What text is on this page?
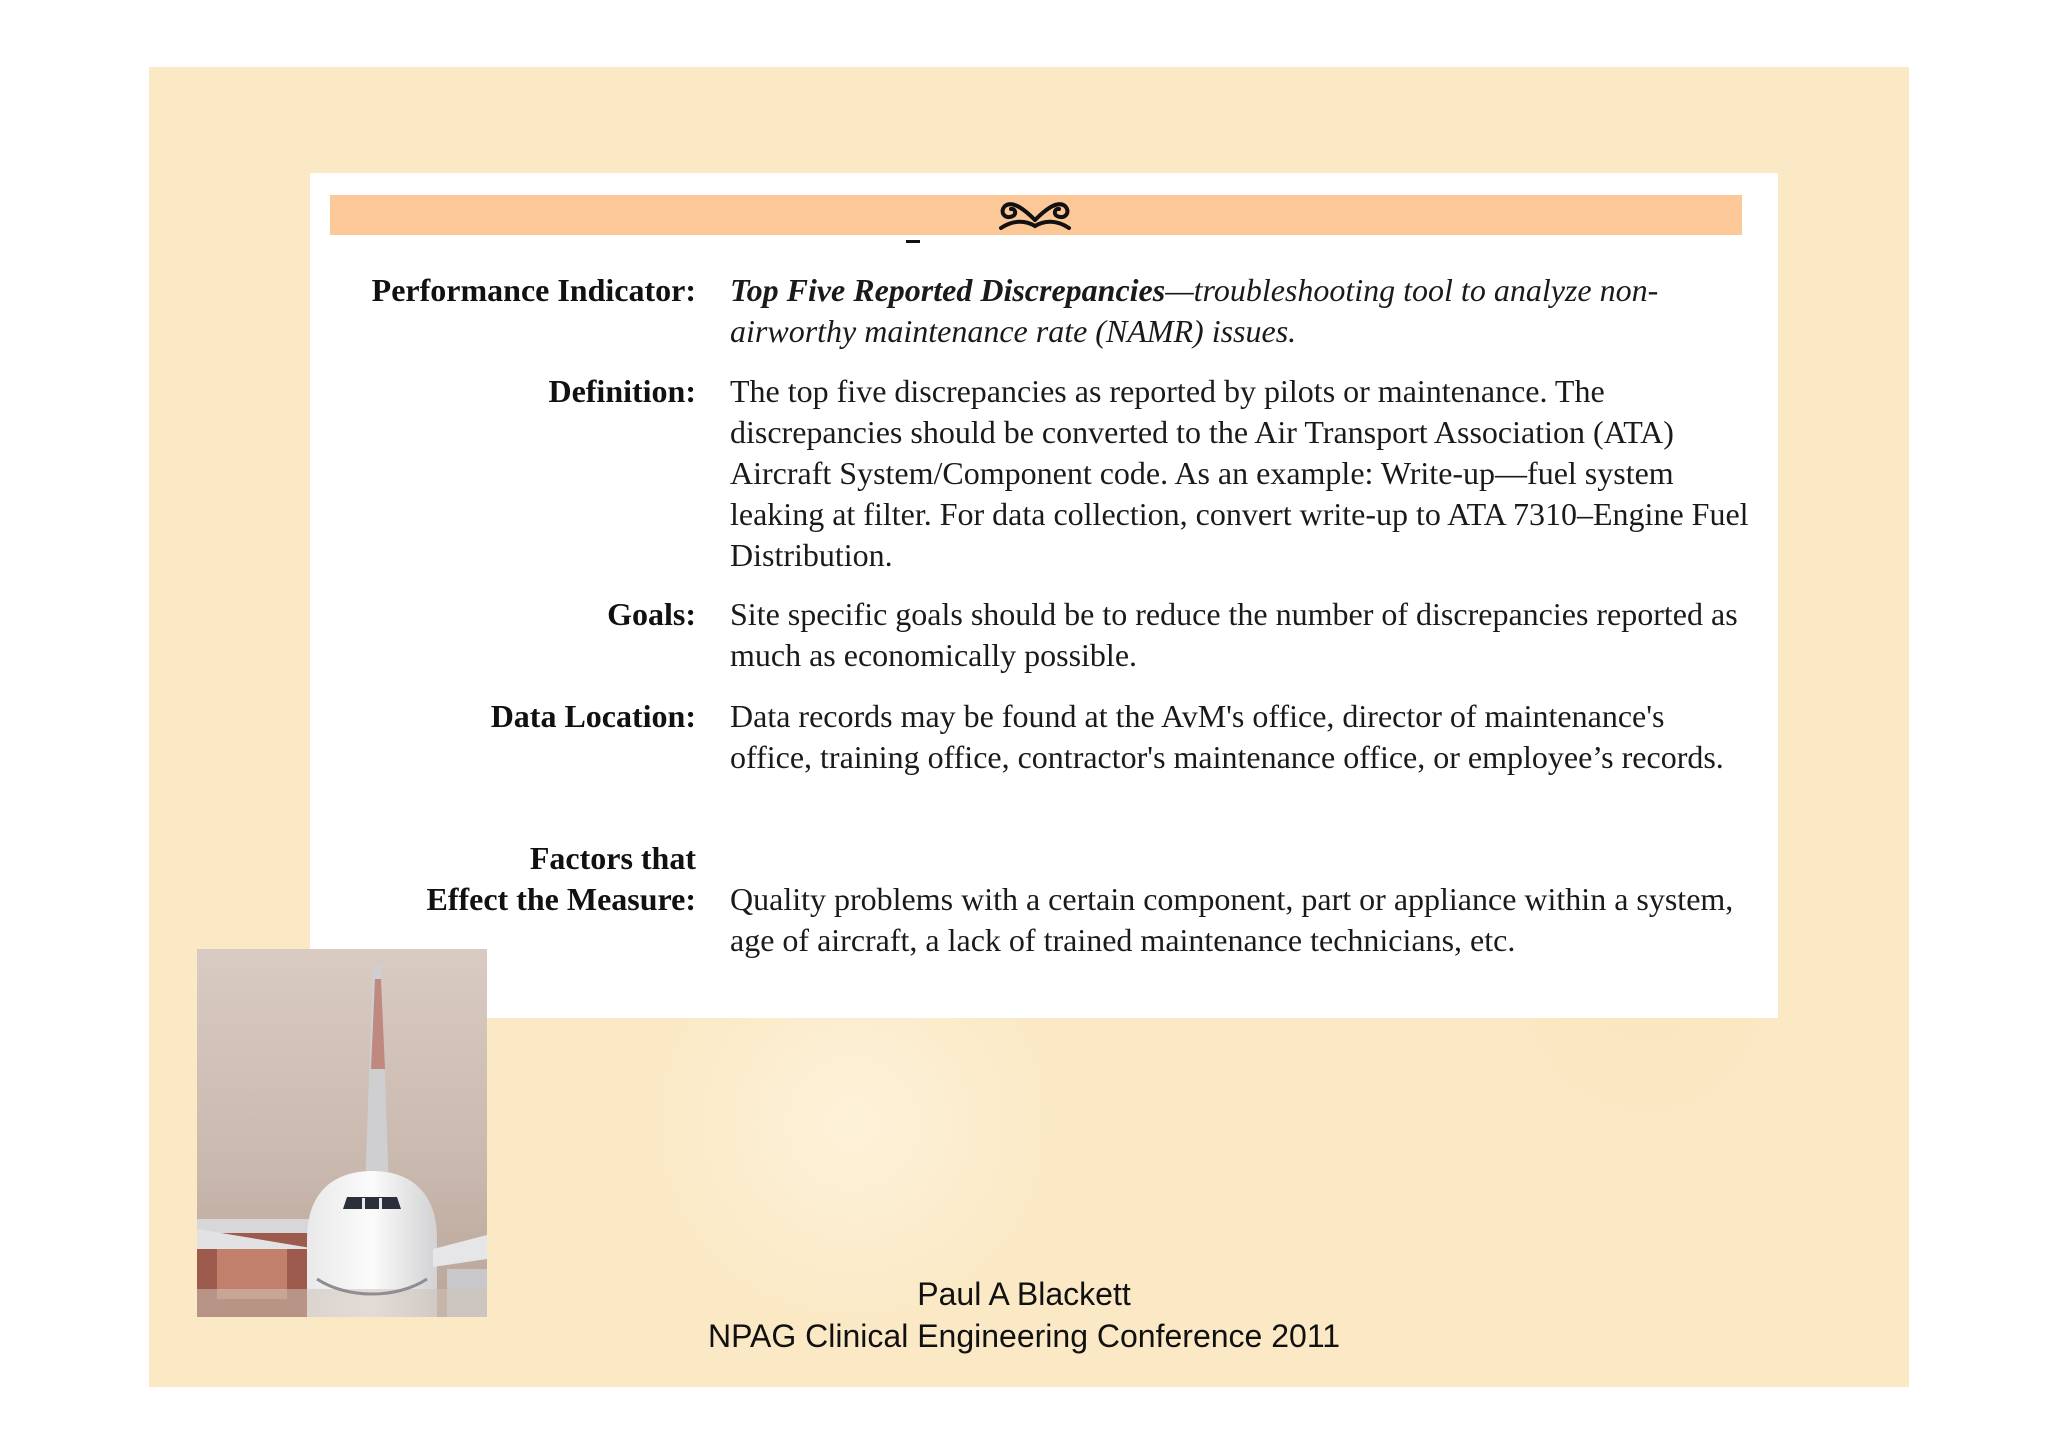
Performance Indicator: Top Five Reported Discrepancies—troubleshooting tool to analyze non-airworthy maintenance rate (NAMR) issues.
Definition: The top five discrepancies as reported by pilots or maintenance. The discrepancies should be converted to the Air Transport Association (ATA) Aircraft System/Component code. As an example: Write-up—fuel system leaking at filter. For data collection, convert write-up to ATA 7310–Engine Fuel Distribution.
Goals: Site specific goals should be to reduce the number of discrepancies reported as much as economically possible.
Data Location: Data records may be found at the AvM's office, director of maintenance's office, training office, contractor's maintenance office, or employee’s records.
Factors that
Effect the Measure: Quality problems with a certain component, part or appliance within a system, age of aircraft, a lack of trained maintenance technicians, etc.
Paul A Blackett
NPAG Clinical Engineering Conference 2011
